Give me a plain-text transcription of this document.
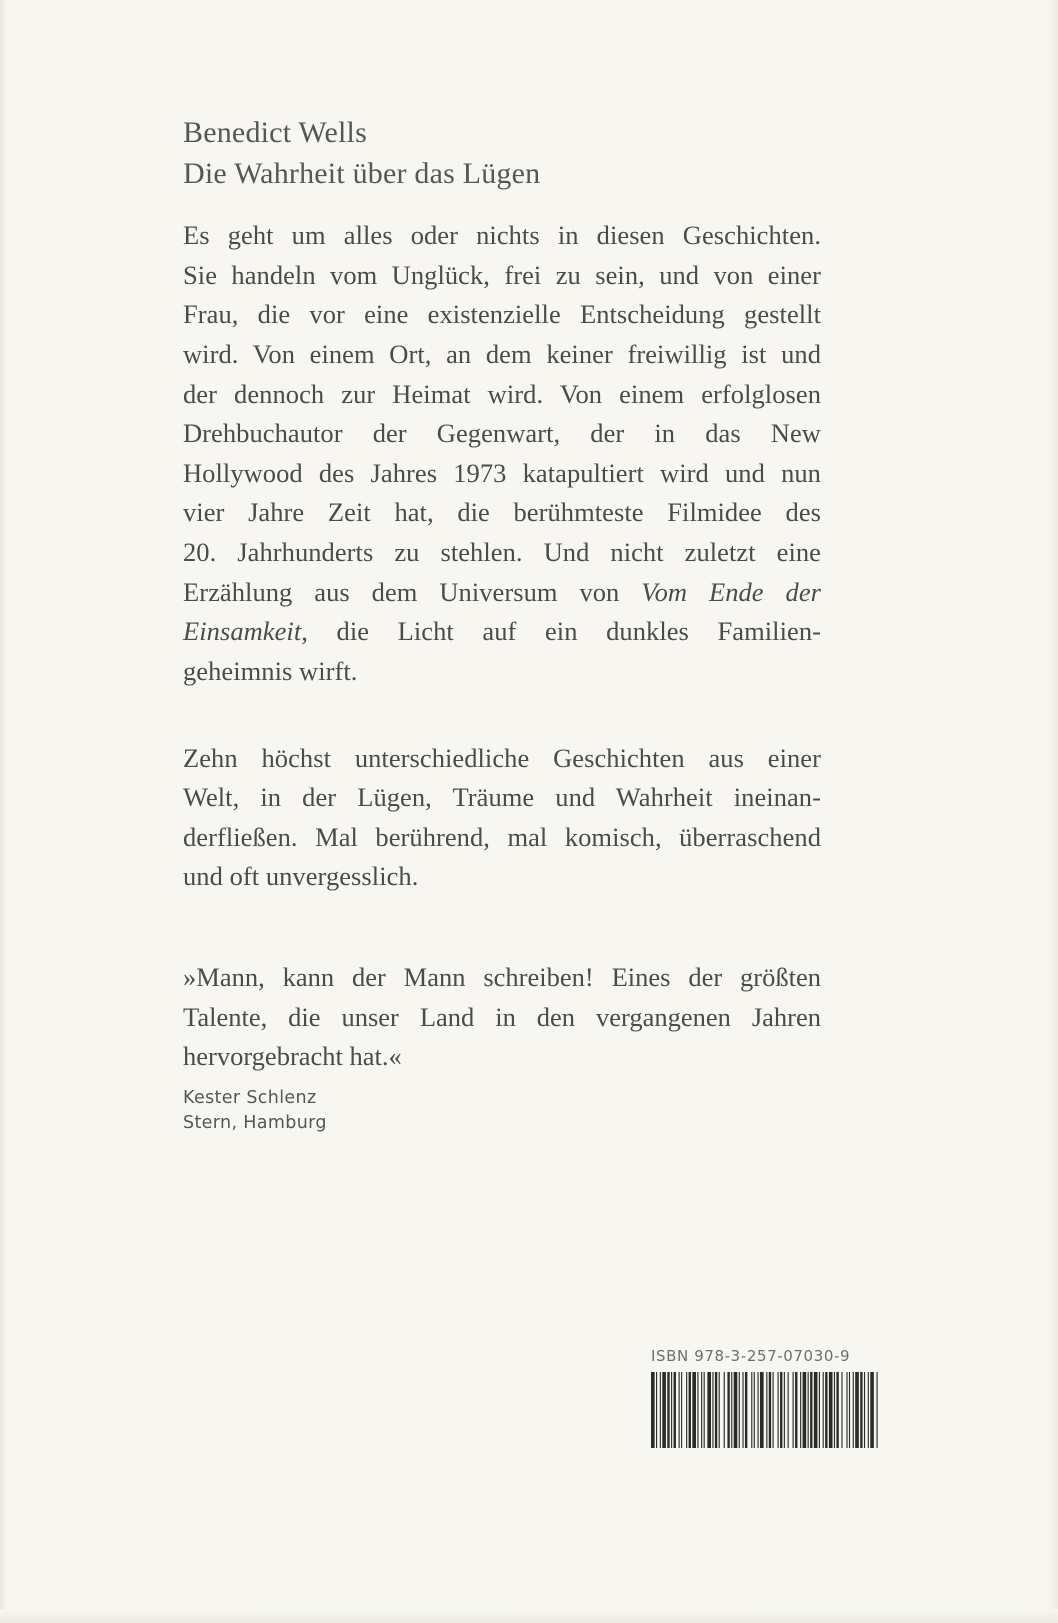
Benedict Wells
Die Wahrheit über das Lügen
Es geht um alles oder nichts in diesen Geschichten.
Sie handeln vom Unglück, frei zu sein, und von einer
Frau, die vor eine existenzielle Entscheidung gestellt
wird. Von einem Ort, an dem keiner freiwillig ist und
der dennoch zur Heimat wird. Von einem erfolglosen
Drehbuchautor der Gegenwart, der in das New
Hollywood des Jahres 1973 katapultiert wird und nun
vier Jahre Zeit hat, die berühmteste Filmidee des
20. Jahrhunderts zu stehlen. Und nicht zuletzt eine
Erzählung aus dem Universum von Vom Ende der
Einsamkeit, die Licht auf ein dunkles Familien-
geheimnis wirft.
Zehn höchst unterschiedliche Geschichten aus einer
Welt, in der Lügen, Träume und Wahrheit ineinan-
derfließen. Mal berührend, mal komisch, überraschend
und oft unvergesslich.
»Mann, kann der Mann schreiben! Eines der größten
Talente, die unser Land in den vergangenen Jahren
hervorgebracht hat.«
Kester Schlenz
Stern, Hamburg
ISBN 978-3-257-07030-9
